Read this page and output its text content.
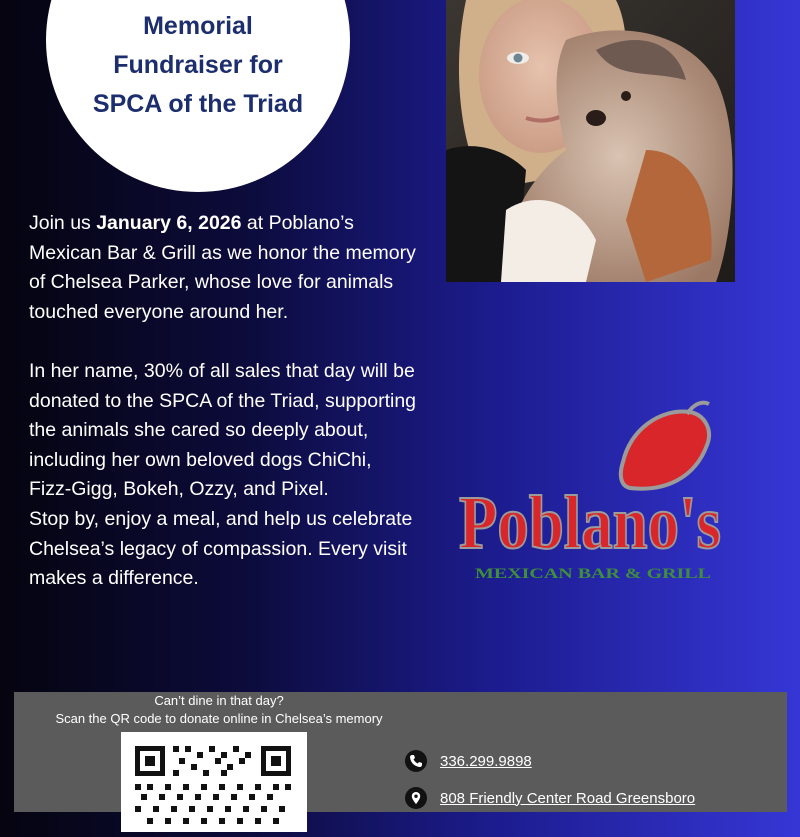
Memorial
Fundraiser for
SPCA of the Triad

Join us January 6, 2026 at Poblano’s Mexican Bar & Grill as we honor the memory of Chelsea Parker, whose love for animals touched everyone around her.

In her name, 30% of all sales that day will be donated to the SPCA of the Triad, supporting the animals she cared so deeply about, including her own beloved dogs ChiChi, Fizz-Gigg, Bokeh, Ozzy, and Pixel.

Stop by, enjoy a meal, and help us celebrate Chelsea’s legacy of compassion. Every visit makes a difference.

Poblano's
MEXICAN BAR & GRILL
Can’t dine in that day?
Scan the QR code to donate online in Chelsea’s memory
336.299.9898
808 Friendly Center Road Greensboro
